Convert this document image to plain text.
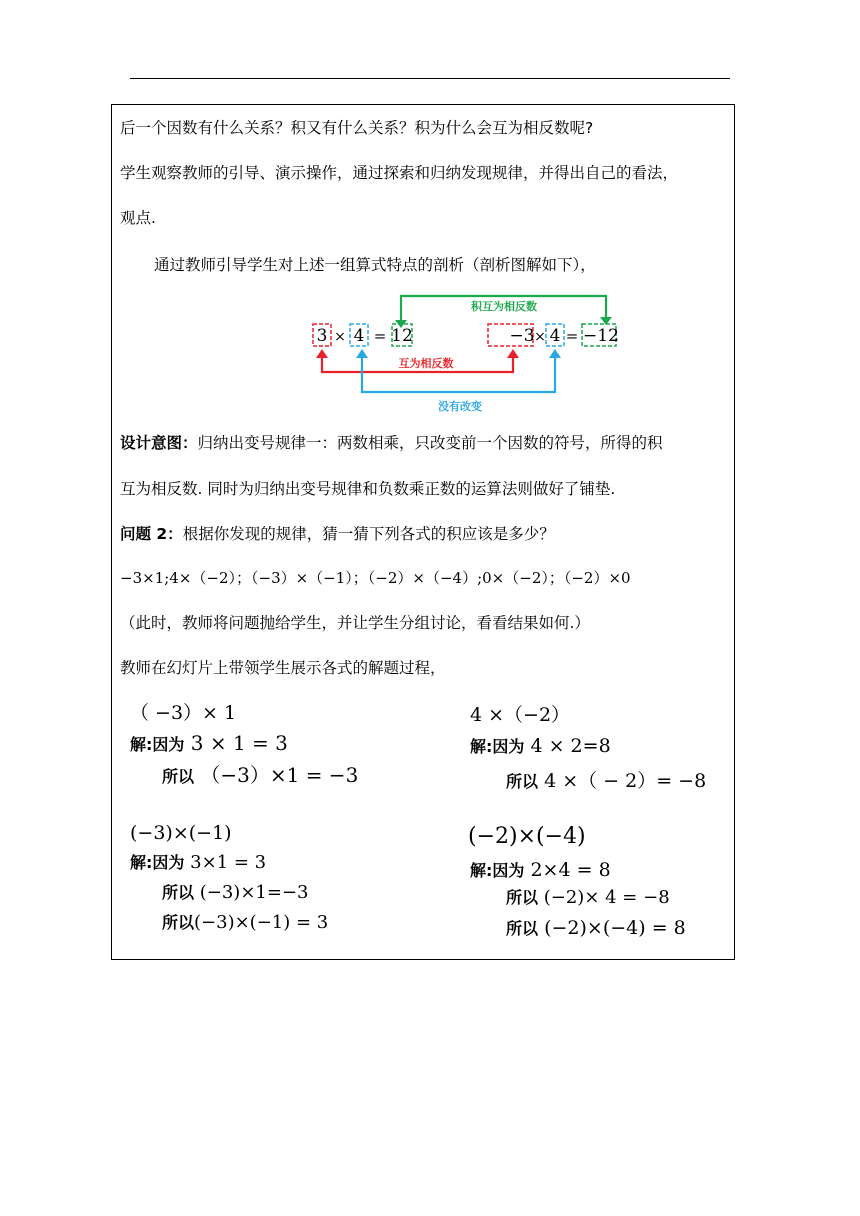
后一个因数有什么关系？积又有什么关系？积为什么会互为相反数呢?
学生观察教师的引导、演示操作，通过探索和归纳发现规律，并得出自己的看法，
观点.
通过教师引导学生对上述一组算式特点的剖析（剖析图解如下），
积互为相反数
3 × 4 = 12	−3 × 4 = −12
互为相反数
没有改变
设计意图：归纳出变号规律一：两数相乘，只改变前一个因数的符号，所得的积
互为相反数. 同时为归纳出变号规律和负数乘正数的运算法则做好了铺垫.
问题 2：根据你发现的规律，猜一猜下列各式的积应该是多少？
−3×1;4×（−2）；（−3）×（−1）；（−2）×（−4）;0×（−2）；（−2）×0
（此时，教师将问题抛给学生，并让学生分组讨论，看看结果如何.）
教师在幻灯片上带领学生展示各式的解题过程，
（ −3）× 1
解:因为 3 × 1 = 3
所以 （−3）×1 = −3
4 ×（−2）
解:因为 4 × 2=8
所以 4 ×（ − 2）= −8
(−3)×(−1)
解:因为 3×1 = 3
所以 (−3)×1=−3
所以(−3)×(−1) = 3
(−2)×(−4)
解:因为 2×4 = 8
所以 (−2)× 4 = −8
所以 (−2)×(−4) = 8
